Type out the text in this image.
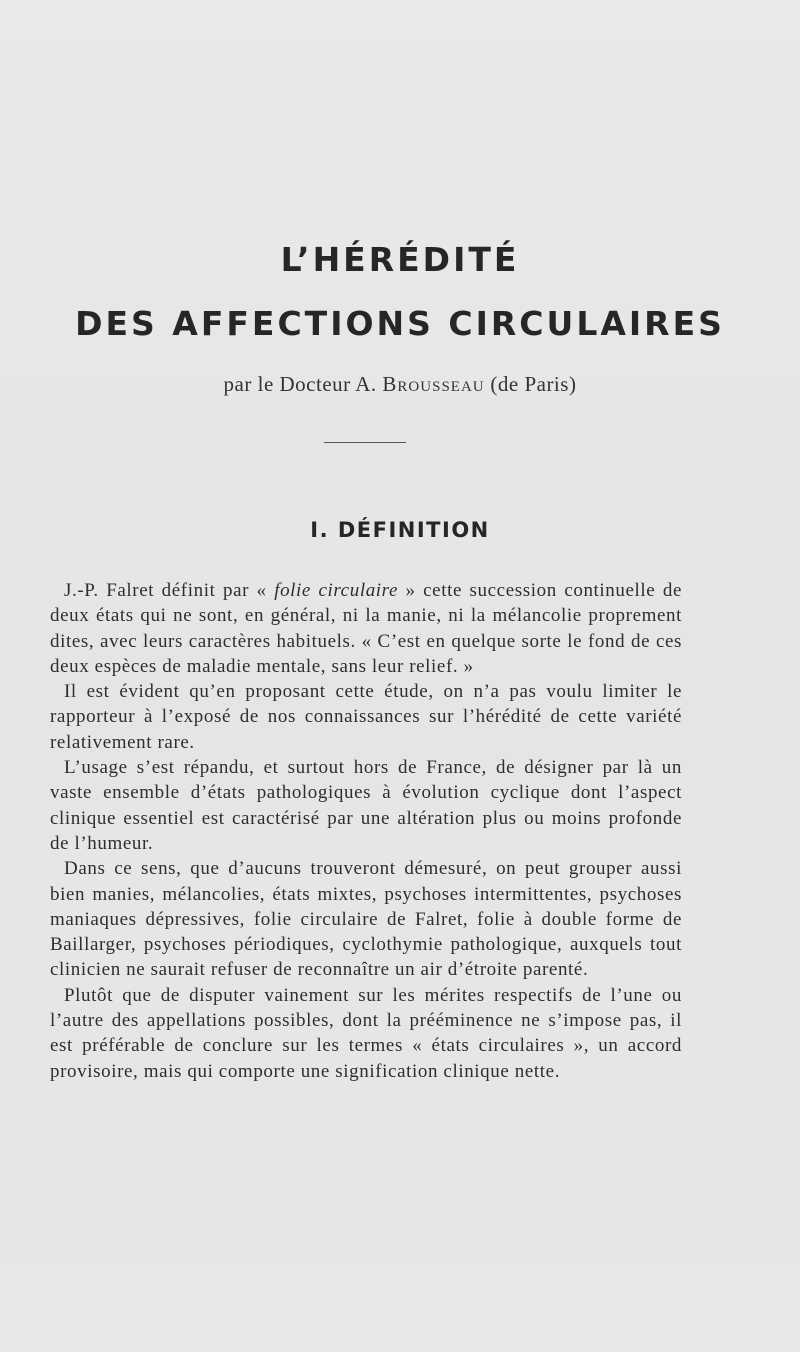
L’HÉRÉDITÉ
DES AFFECTIONS CIRCULAIRES
par le Docteur A. Brousseau (de Paris)
I. DÉFINITION

J.-P. Falret définit par « folie circulaire » cette succession continuelle de deux états qui ne sont, en général, ni la manie, ni la mélancolie proprement dites, avec leurs caractères habituels. « C’est en quelque sorte le fond de ces deux espèces de maladie mentale, sans leur relief. »

Il est évident qu’en proposant cette étude, on n’a pas voulu limiter le rapporteur à l’exposé de nos connaissances sur l’hérédité de cette variété relativement rare.

L’usage s’est répandu, et surtout hors de France, de désigner par là un vaste ensemble d’états pathologiques à évolution cyclique dont l’aspect clinique essentiel est caractérisé par une altération plus ou moins profonde de l’humeur.

Dans ce sens, que d’aucuns trouveront démesuré, on peut grouper aussi bien manies, mélancolies, états mixtes, psychoses intermittentes, psychoses maniaques dépressives, folie circulaire de Falret, folie à double forme de Baillarger, psychoses périodiques, cyclothymie pathologique, auxquels tout clinicien ne saurait refuser de reconnaître un air d’étroite parenté.

Plutôt que de disputer vainement sur les mérites respectifs de l’une ou l’autre des appellations possibles, dont la prééminence ne s’impose pas, il est préférable de conclure sur les termes « états circulaires », un accord provisoire, mais qui comporte une signification clinique nette.
